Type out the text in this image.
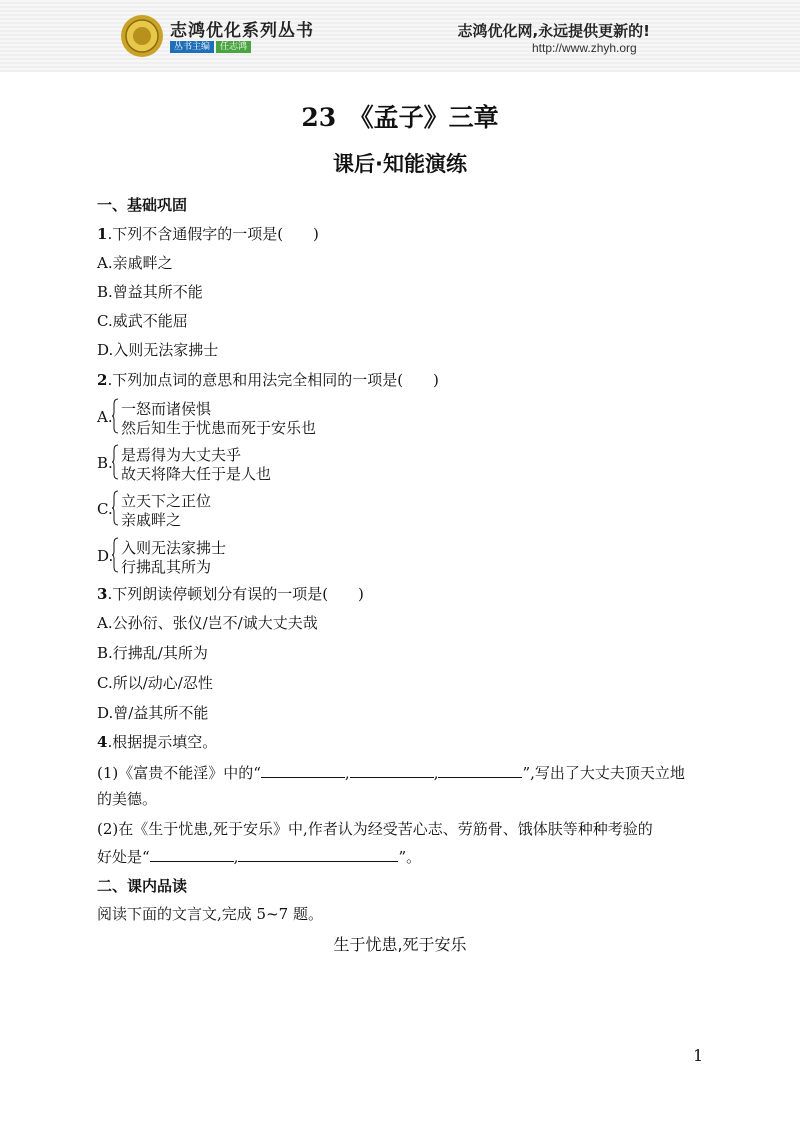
志鸿优化系列丛书
丛书主编 任志鸿
志鸿优化网,永远提供更新的!
http://www.zhyh.org
23　《孟子》三章
课后·知能演练
一、基础巩固
1.下列不含通假字的一项是(　　)
A.亲戚畔之
B.曾益其所不能
C.威武不能屈
D.入则无法家拂士
2.下列加点词的意思和用法完全相同的一项是(　　)
A. 一怒而诸侯惧
然后知生于忧患而死于安乐也
B. 是焉得为大丈夫乎
故天将降大任于是人也
C. 立天下之正位
亲戚畔之
D. 入则无法家拂士
行拂乱其所为
3.下列朗读停顿划分有误的一项是(　　)
A.公孙衍、张仪/岂不/诚大丈夫哉
B.行拂乱/其所为
C.所以/动心/忍性
D.曾/益其所不能
4.根据提示填空。
(1)《富贵不能淫》中的“	,	,	”,写出了大丈夫顶天立地
的美德。
(2)在《生于忧患,死于安乐》中,作者认为经受苦心志、劳筋骨、饿体肤等种种考验的
好处是“	,	”。
二、课内品读
阅读下面的文言文,完成 5~7 题。
生于忧患,死于安乐
1
